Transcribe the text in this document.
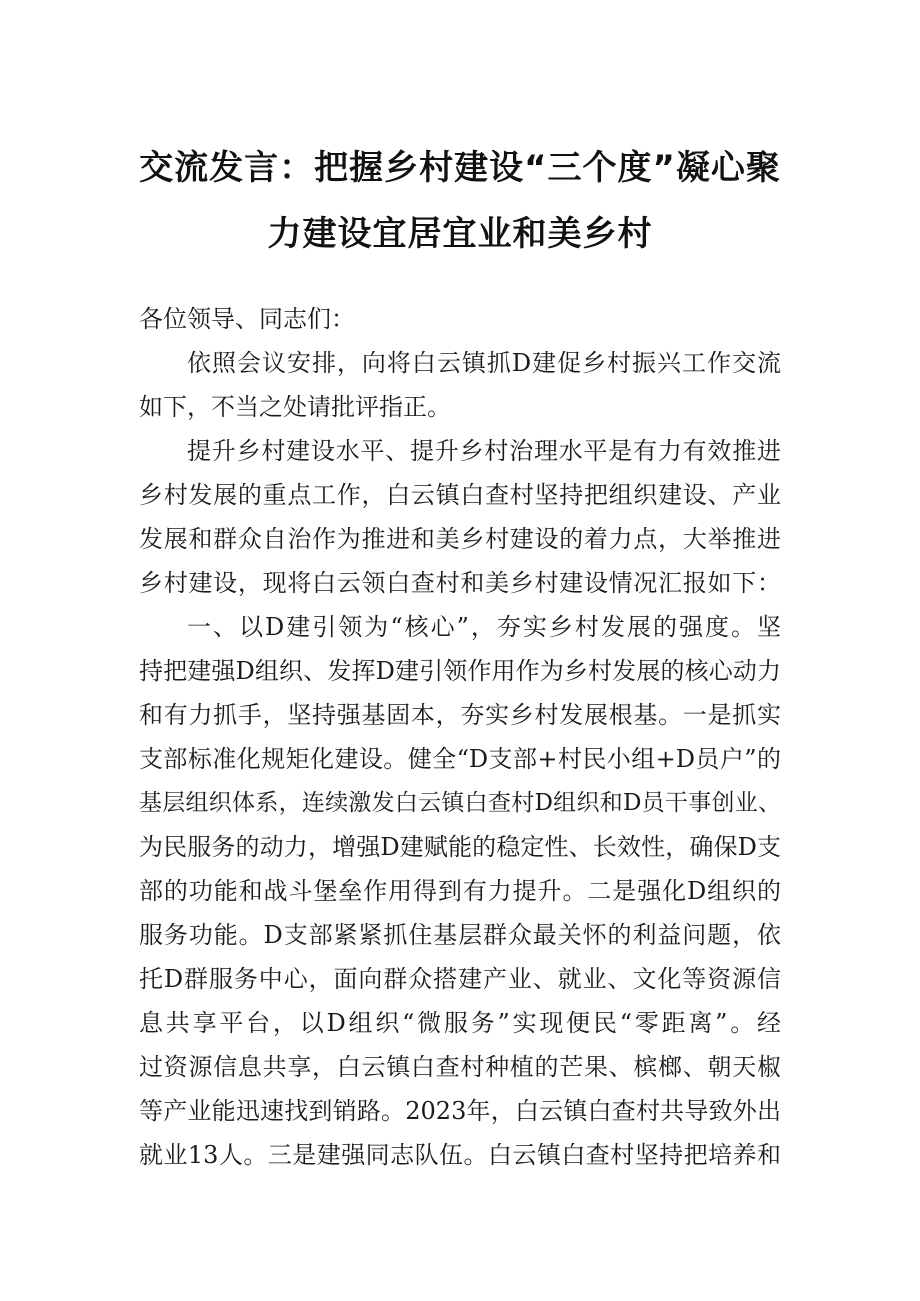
交流发言：把握乡村建设“三个度”凝心聚
力建设宜居宜业和美乡村
各位领导、同志们：
依照会议安排，向将白云镇抓D建促乡村振兴工作交流
如下，不当之处请批评指正。
提升乡村建设水平、提升乡村治理水平是有力有效推进
乡村发展的重点工作，白云镇白查村坚持把组织建设、产业
发展和群众自治作为推进和美乡村建设的着力点，大举推进
乡村建设，现将白云领白查村和美乡村建设情况汇报如下：
一、以D建引领为“核心”，夯实乡村发展的强度。坚
持把建强D组织、发挥D建引领作用作为乡村发展的核心动力
和有力抓手，坚持强基固本，夯实乡村发展根基。一是抓实
支部标准化规矩化建设。健全“D支部+村民小组+D员户”的
基层组织体系，连续激发白云镇白查村D组织和D员干事创业、
为民服务的动力，增强D建赋能的稳定性、长效性，确保D支
部的功能和战斗堡垒作用得到有力提升。二是强化D组织的
服务功能。D支部紧紧抓住基层群众最关怀的利益问题，依
托D群服务中心，面向群众搭建产业、就业、文化等资源信
息共享平台，以D组织“微服务”实现便民“零距离”。经
过资源信息共享，白云镇白查村种植的芒果、槟榔、朝天椒
等产业能迅速找到销路。2023年，白云镇白查村共导致外出
就业13人。三是建强同志队伍。白云镇白查村坚持把培养和
